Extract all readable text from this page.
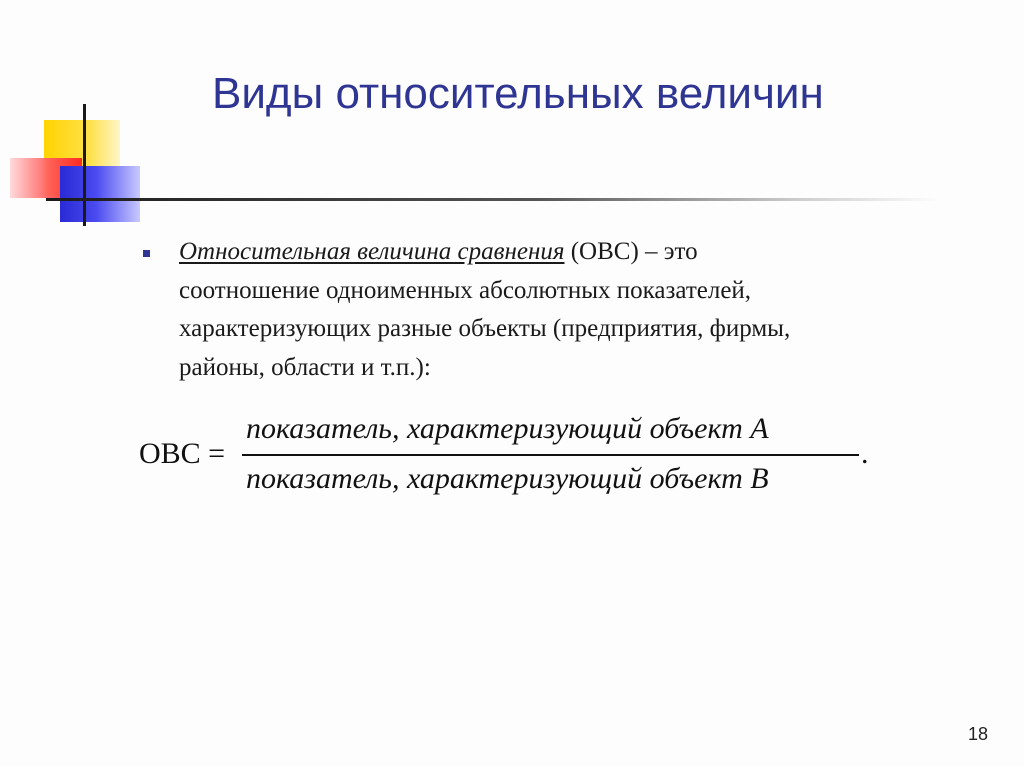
Виды относительных величин
Относительная величина сравнения (ОВС) – это
соотношение одноименных абсолютных показателей,
характеризующих разные объекты (предприятия, фирмы,
районы, области и т.п.):
ОВС =
показатель, характеризующий объект A
показатель, характеризующий объект B
.
18
